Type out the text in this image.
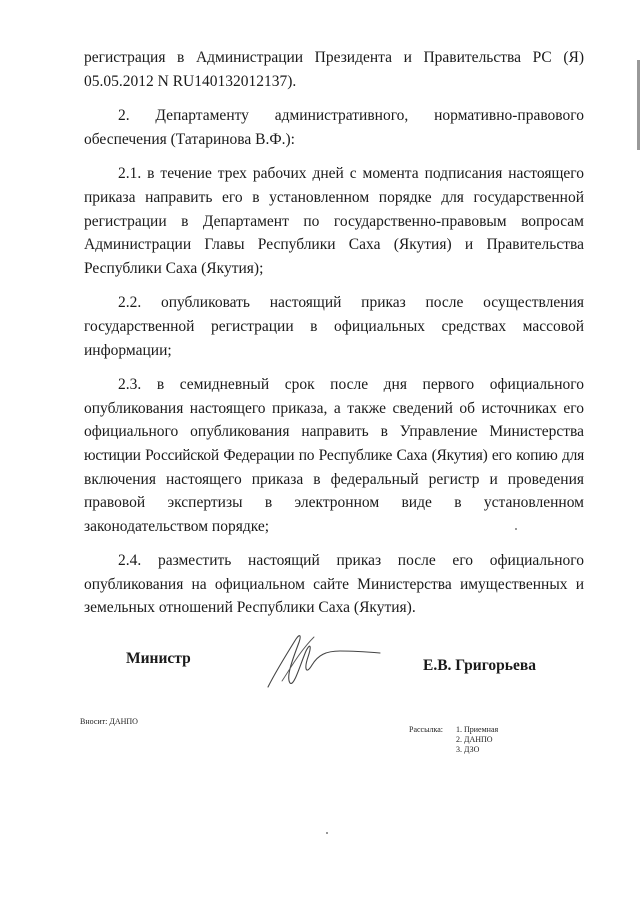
регистрация в Администрации Президента и Правительства РС (Я)
05.05.2012 N RU140132012137).

2.      Департаменту      административного,      нормативно-правового
обеспечения (Татаринова В.Ф.):

2.1. в течение трех рабочих дней с момента подписания настоящего
приказа направить его в установленном порядке для государственной
регистрации в Департамент по государственно-правовым вопросам
Администрации Главы Республики Саха (Якутия) и Правительства
Республики Саха (Якутия);

2.2.   опубликовать   настоящий   приказ   после   осуществления
государственной регистрации в официальных средствах массовой
информации;

2.3. в семидневный срок после дня первого официального
опубликования настоящего приказа, а также сведений об источниках его
официального опубликования направить в Управление Министерства
юстиции Российской Федерации по Республике Саха (Якутия) его копию для
включения настоящего приказа в федеральный регистр и проведения
правовой экспертизы в электронном виде в установленном
законодательством порядке;

2.4.   разместить   настоящий   приказ   после   его   официального
опубликования на официальном сайте Министерства имущественных и
земельных отношений Республики Саха (Якутия).

Министр	Е.В. Григорьева
Вносит: ДАНПО
Рассылка: 1. Приемная
2. ДАНПО
3. ДЗО
